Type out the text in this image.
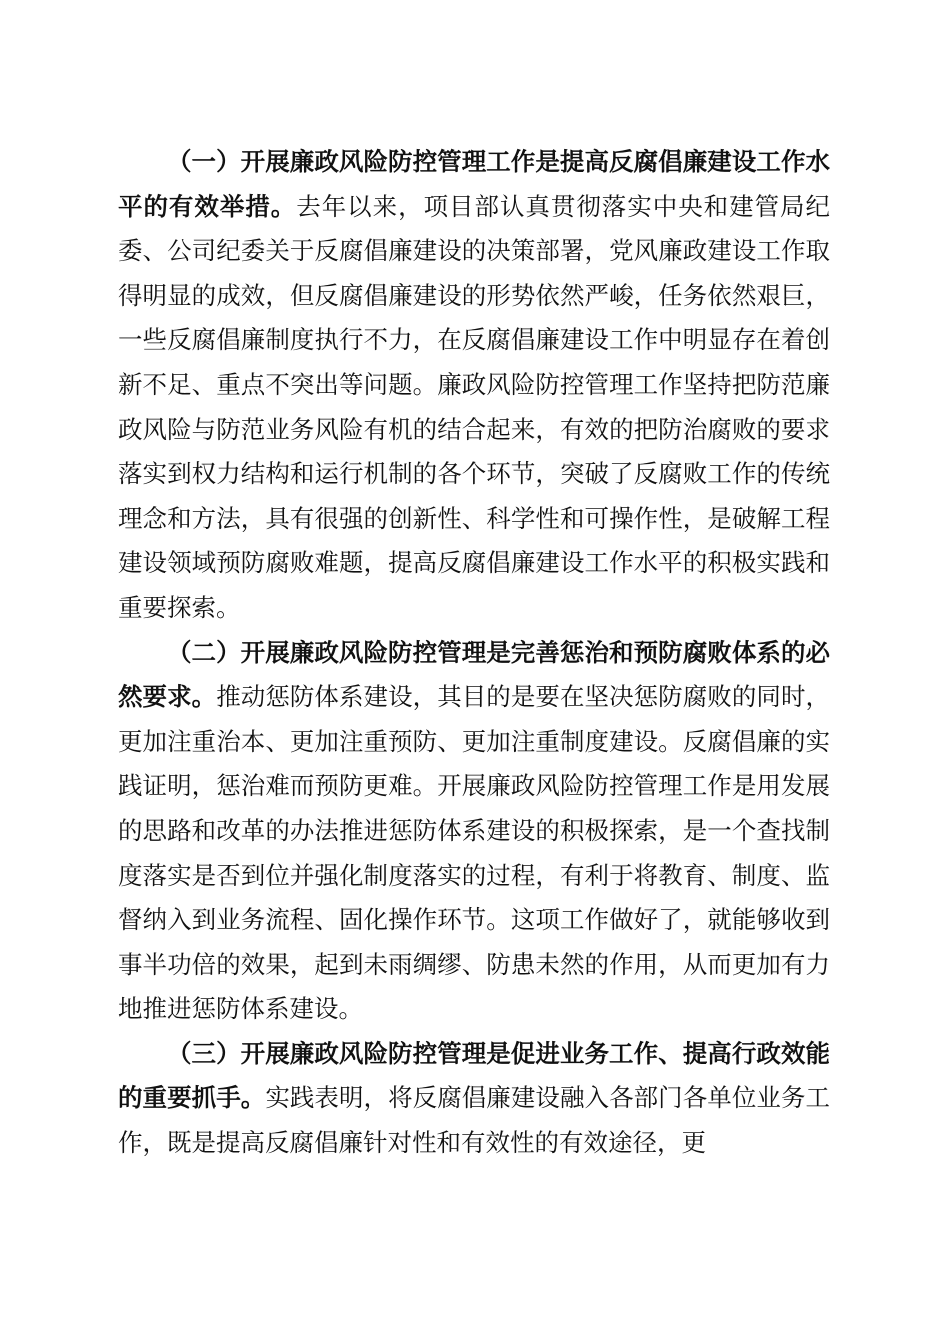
（一）开展廉政风险防控管理工作是提高反腐倡廉建设工作水平的有效举措。去年以来，项目部认真贯彻落实中央和建管局纪委、公司纪委关于反腐倡廉建设的决策部署，党风廉政建设工作取得明显的成效，但反腐倡廉建设的形势依然严峻，任务依然艰巨，一些反腐倡廉制度执行不力，在反腐倡廉建设工作中明显存在着创新不足、重点不突出等问题。廉政风险防控管理工作坚持把防范廉政风险与防范业务风险有机的结合起来，有效的把防治腐败的要求落实到权力结构和运行机制的各个环节，突破了反腐败工作的传统理念和方法，具有很强的创新性、科学性和可操作性，是破解工程建设领域预防腐败难题，提高反腐倡廉建设工作水平的积极实践和重要探索。

（二）开展廉政风险防控管理是完善惩治和预防腐败体系的必然要求。推动惩防体系建设，其目的是要在坚决惩防腐败的同时，更加注重治本、更加注重预防、更加注重制度建设。反腐倡廉的实践证明，惩治难而预防更难。开展廉政风险防控管理工作是用发展的思路和改革的办法推进惩防体系建设的积极探索，是一个查找制度落实是否到位并强化制度落实的过程，有利于将教育、制度、监督纳入到业务流程、固化操作环节。这项工作做好了，就能够收到事半功倍的效果，起到未雨绸缪、防患未然的作用，从而更加有力地推进惩防体系建设。

（三）开展廉政风险防控管理是促进业务工作、提高行政效能的重要抓手。实践表明，将反腐倡廉建设融入各部门各单位业务工作，既是提高反腐倡廉针对性和有效性的有效途径，更
